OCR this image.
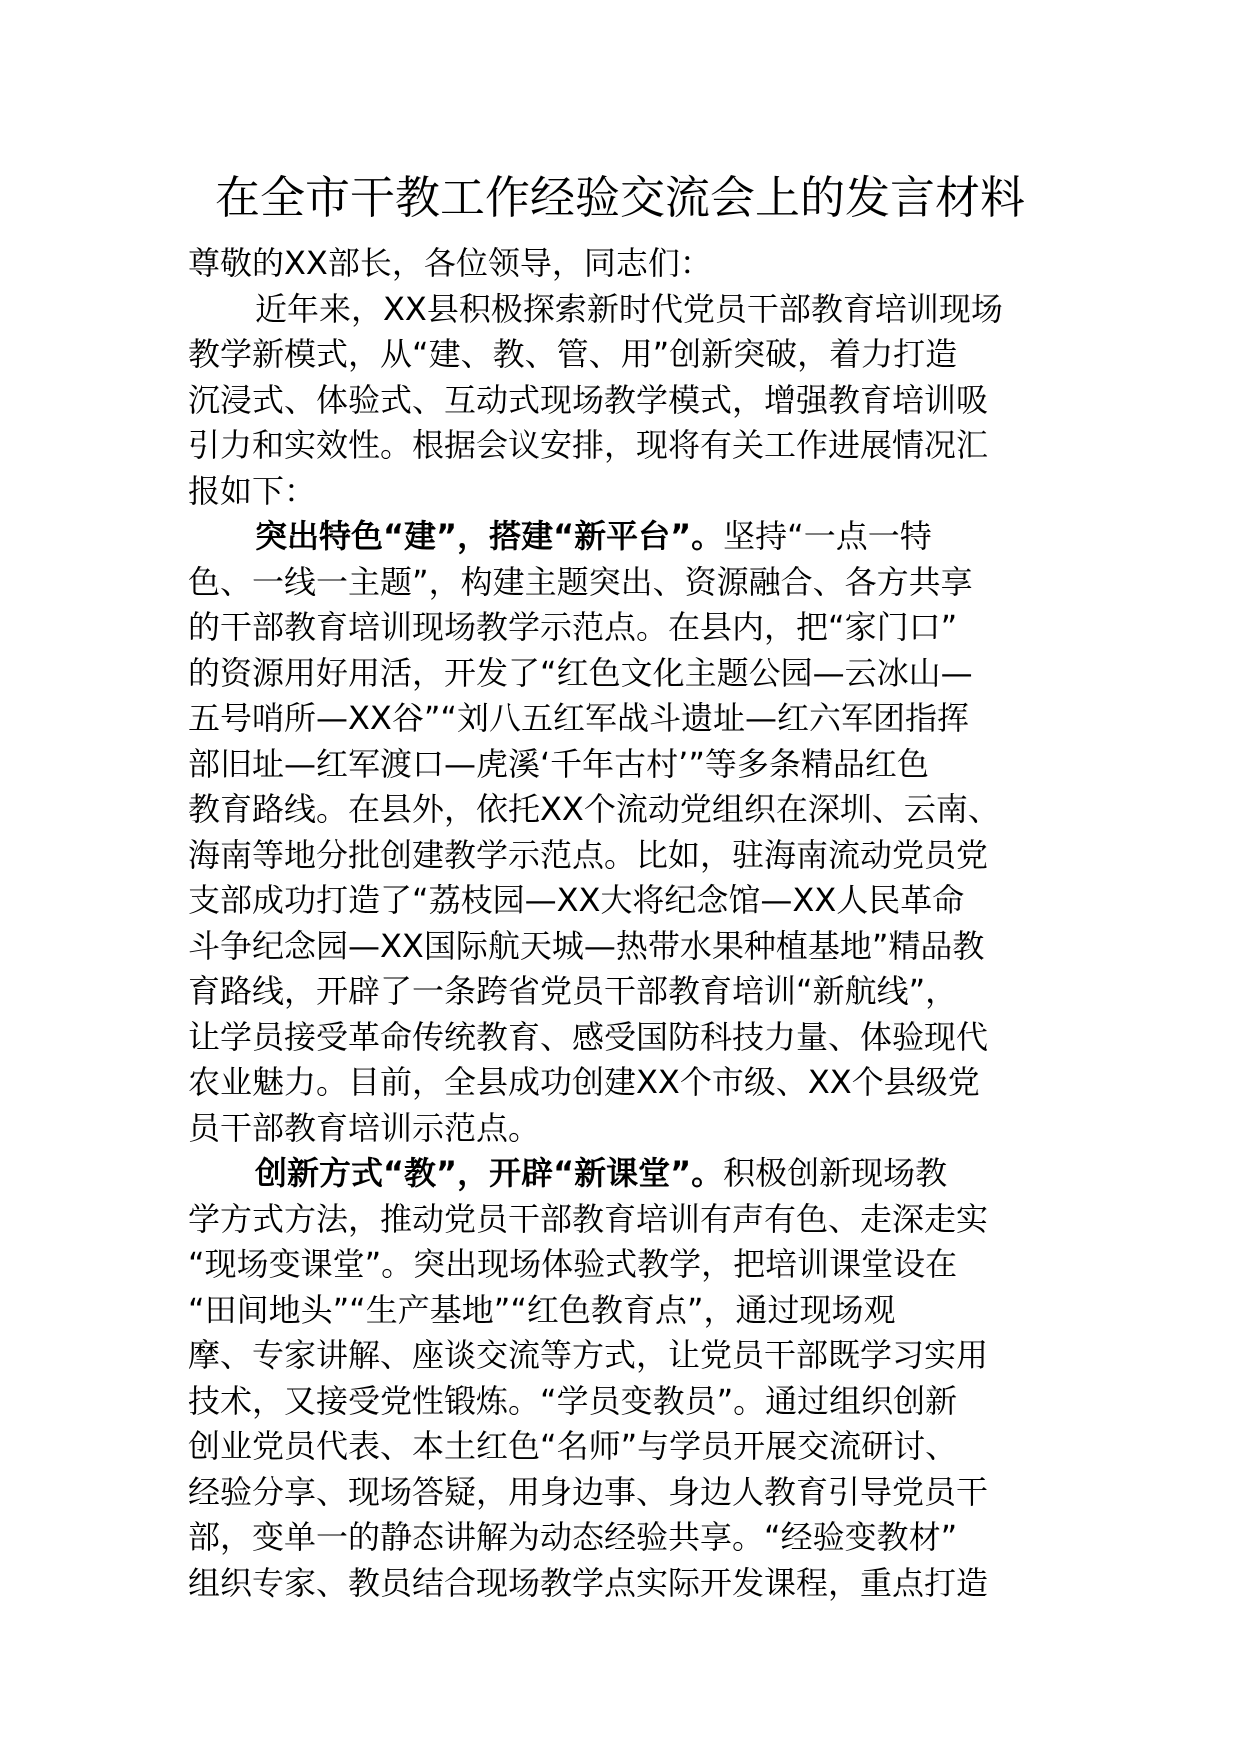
在全市干教工作经验交流会上的发言材料
尊敬的XX部长，各位领导，同志们：
近年来，XX县积极探索新时代党员干部教育培训现场
教学新模式，从“建、教、管、用”创新突破，着力打造
沉浸式、体验式、互动式现场教学模式，增强教育培训吸
引力和实效性。根据会议安排，现将有关工作进展情况汇
报如下：
突出特色“建”，搭建“新平台”。坚持“一点一特
色、一线一主题”，构建主题突出、资源融合、各方共享
的干部教育培训现场教学示范点。在县内，把“家门口”
的资源用好用活，开发了“红色文化主题公园—云冰山—
五号哨所—XX谷”“刘八五红军战斗遗址—红六军团指挥
部旧址—红军渡口—虎溪‘千年古村’”等多条精品红色
教育路线。在县外，依托XX个流动党组织在深圳、云南、
海南等地分批创建教学示范点。比如，驻海南流动党员党
支部成功打造了“荔枝园—XX大将纪念馆—XX人民革命
斗争纪念园—XX国际航天城—热带水果种植基地”精品教
育路线，开辟了一条跨省党员干部教育培训“新航线”，
让学员接受革命传统教育、感受国防科技力量、体验现代
农业魅力。目前，全县成功创建XX个市级、XX个县级党
员干部教育培训示范点。
创新方式“教”，开辟“新课堂”。积极创新现场教
学方式方法，推动党员干部教育培训有声有色、走深走实
“现场变课堂”。突出现场体验式教学，把培训课堂设在
“田间地头”“生产基地”“红色教育点”，通过现场观
摩、专家讲解、座谈交流等方式，让党员干部既学习实用
技术，又接受党性锻炼。“学员变教员”。通过组织创新
创业党员代表、本土红色“名师”与学员开展交流研讨、
经验分享、现场答疑，用身边事、身边人教育引导党员干
部，变单一的静态讲解为动态经验共享。“经验变教材”
组织专家、教员结合现场教学点实际开发课程，重点打造
